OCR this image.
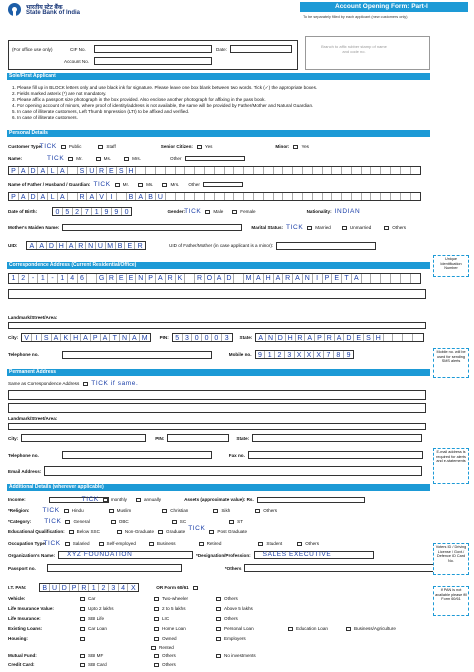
भारतीय स्टेट बैंक
State Bank of India
Account Opening Form: Part-I
To be separately filled by each applicant (new customers only)
(For office use only)	CIF No.
Account No.
Date:
Branch to affix rubber stamp of name and code no.
Sole/First Applicant
1. Please fill up in BLOCK letters only and use black ink for signature. Please leave one box blank between two words. Tick (✓) the appropriate boxes.
2. Fields marked asterix (*) are not mandatory.
3. Please affix a passport size photograph in the box provided. Also enclose another photograph for affixing in the pass book.
4. For opening account of minors, where proof of identity/address is not available, the same will be provided by Father/Mother and Natural Guardian.
5. In case of illiterate customers, Left Thumb Impression (LTI) to be affixed and verified.
6. In case of illiterate customers.
Personal Details
Customer Type:
TICK	Public	Staff	Senior Citizen:	Yes	Minor:	Yes
Name:	TICK	Mr.	Ms.	Mrs.	Other
P A D A L A	S U R E S H
Name of Father / Husband / Guardian: TICK	Mr.	Ms.	Mrs. Other
P A D A L A	R A V I	B A B U
Date of Birth:	0 5 2 7 1 9 9 0	Gender: TICK	Male	Female	Nationality: INDIAN
Mother's Maiden Name:	Marital Status: TICK	Married	Unmarried	Others
UID: A A D H A R N U M B E R	UID of Father/Mother (in case applicant is a minor):
Correspondence Address (Current Residential/Office)
1 2 - 1 - 1 4 6	G R E E N P A R K	R O A D	M A H A R A N I P E T A
Landmark/Street/Area:
City: V I S A K H A P A T N A M	PIN: 5 3 0 0 0 3	State: A N D H R A P R A D E S H
Telephone no.	Mobile no. 9 1 2 3 X X X 7 8 9
Permanent Address
Same as Correspondence Address TICK if same.
Landmark/Street/Area:
City:	PIN:	State:
Telephone no.	Fax no.
Email Address:
Additional Details (wherever applicable)
Income:	TICK	monthly	annually	Assets (approximate value): Rs.
*Religion: TICK	Hindu	Muslim	Christian	Sikh	Others
*Category: TICK	General	OBC	SC	ST
Educational Qualification:	Below SSC	Non-Graduate	Graduate TICK	Post Graduate
Occupation Type:
TICK	Salaried	Self-employed	Business	Retired	Student	Others
Organization's Name: XYZ FOUNDATION	*Designation/Profession: SALES EXECUTIVE
Passport no.	*Others
I.T. PAN: B U D P R 1 2 3 4 X	OR Form 60/61
Vehicle:	Car	Two-wheeler	Others
Life Insurance Value:	Upto 2 lakhs	2 to 5 lakhs	Above 5 lakhs
Life Insurance:	SBI Life	LIC	Others
Existing Loans:	Car Loan	Home Loan	Personal Loan	Education Loan	Business/Agriculture
Housing:	Owned	Employers
Rented
Mutual Fund:	SBI MF	Others	No investments
Credit Card:	SBI Card	Others
Unique Identification Number
Mobile no. will be used for sending SMS alerts
E-mail address is required for alerts and e-statements
Voters ID / Driving License / Govt./ Defence ID Card No.
If PAN is not available please fill Form 60/61
